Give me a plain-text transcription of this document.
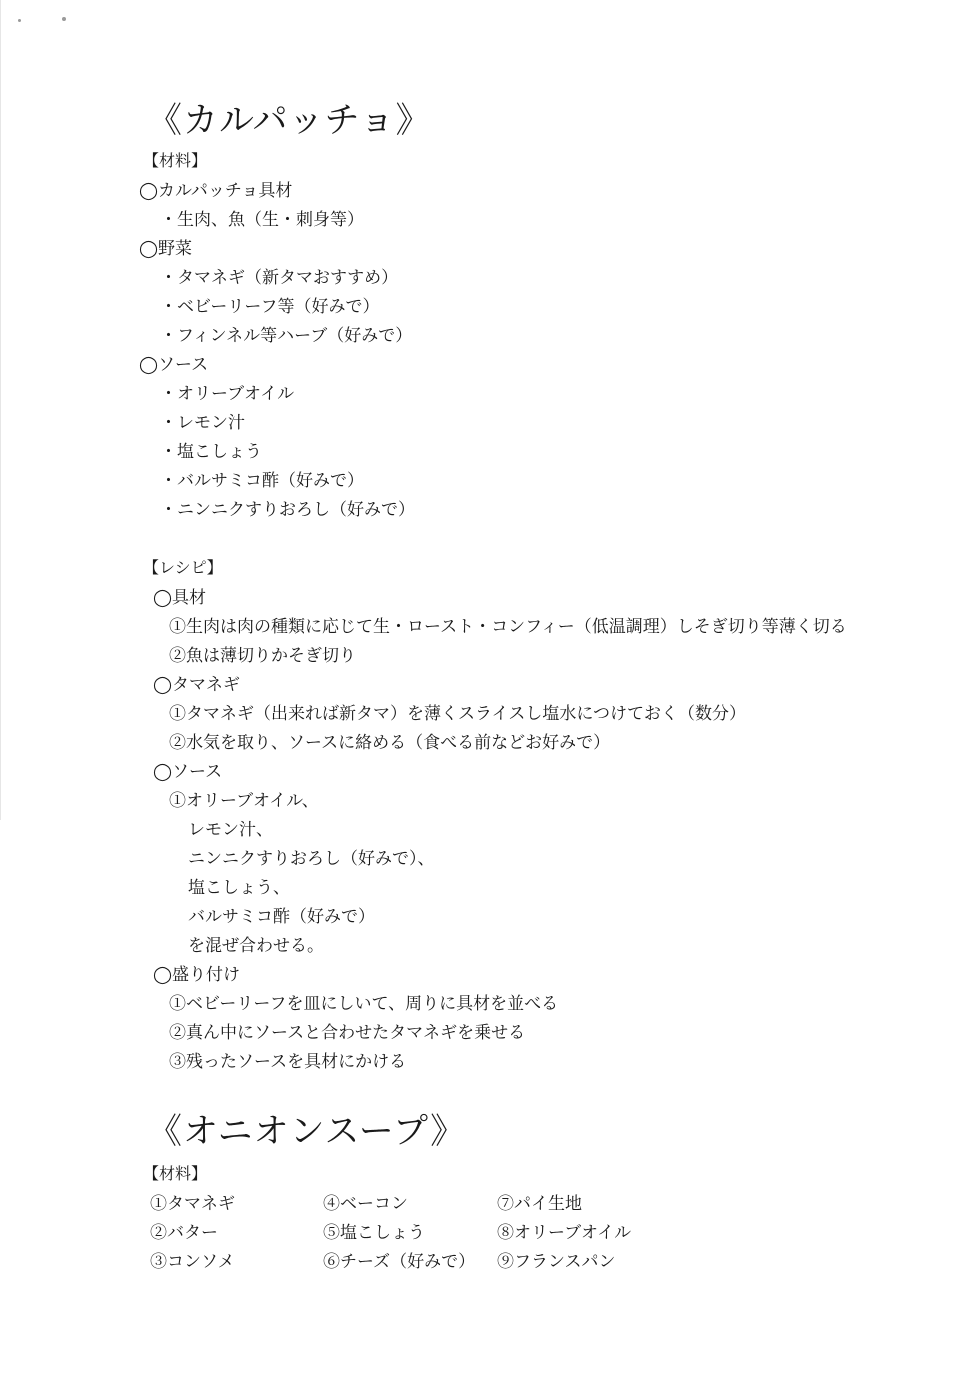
《カルパッチョ》
【材料】
◯カルパッチョ具材
・生肉、魚（生・刺身等）
◯野菜
・タマネギ（新タマおすすめ）
・ベビーリーフ等（好みで）
・フィンネル等ハーブ（好みで）
◯ソース
・オリーブオイル
・レモン汁
・塩こしょう
・バルサミコ酢（好みで）
・ニンニクすりおろし（好みで）
【レシピ】
◯具材
①生肉は肉の種類に応じて生・ロースト・コンフィー（低温調理）しそぎ切り等薄く切る
②魚は薄切りかそぎ切り
◯タマネギ
①タマネギ（出来れば新タマ）を薄くスライスし塩水につけておく（数分）
②水気を取り、ソースに絡める（食べる前などお好みで）
◯ソース
①オリーブオイル、
レモン汁、
ニンニクすりおろし（好みで）、
塩こしょう、
バルサミコ酢（好みで）
を混ぜ合わせる。
◯盛り付け
①ベビーリーフを皿にしいて、周りに具材を並べる
②真ん中にソースと合わせたタマネギを乗せる
③残ったソースを具材にかける
《オニオンスープ》
【材料】
①タマネギ
②バター
③コンソメ
④ベーコン
⑤塩こしょう
⑥チーズ（好みで）
⑦パイ生地
⑧オリーブオイル
⑨フランスパン
